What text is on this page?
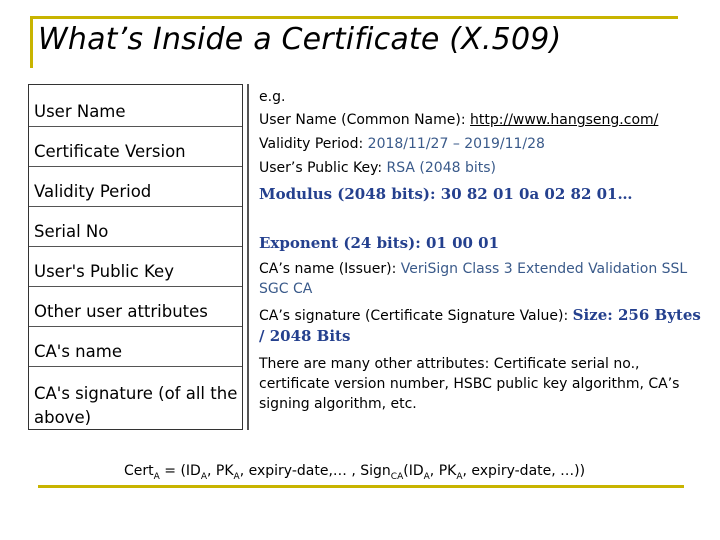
What’s Inside a Certificate (X.509)
User Name
Certificate Version
Validity Period
Serial No
User's Public Key
Other user attributes
CA's name
CA's signature (of all the above)
e.g.
User Name (Common Name): http://www.hangseng.com/
Validity Period: 2018/11/27 – 2019/11/28
User’s Public Key: RSA (2048 bits)
Modulus (2048 bits): 30 82 01 0a 02 82 01…
Exponent (24 bits): 01 00 01
CA’s name (Issuer): VeriSign Class 3 Extended Validation SSL SGC CA
CA’s signature (Certificate Signature Value): Size: 256 Bytes / 2048 Bits
There are many other attributes: Certificate serial no., certificate version number, HSBC public key algorithm, CA’s signing algorithm, etc.
Cert$_A$ = ($ID_A$, $PK_A$, expiry-date,… , $Sign_{CA}(ID_A$, $PK_A$, expiry-date, …))
